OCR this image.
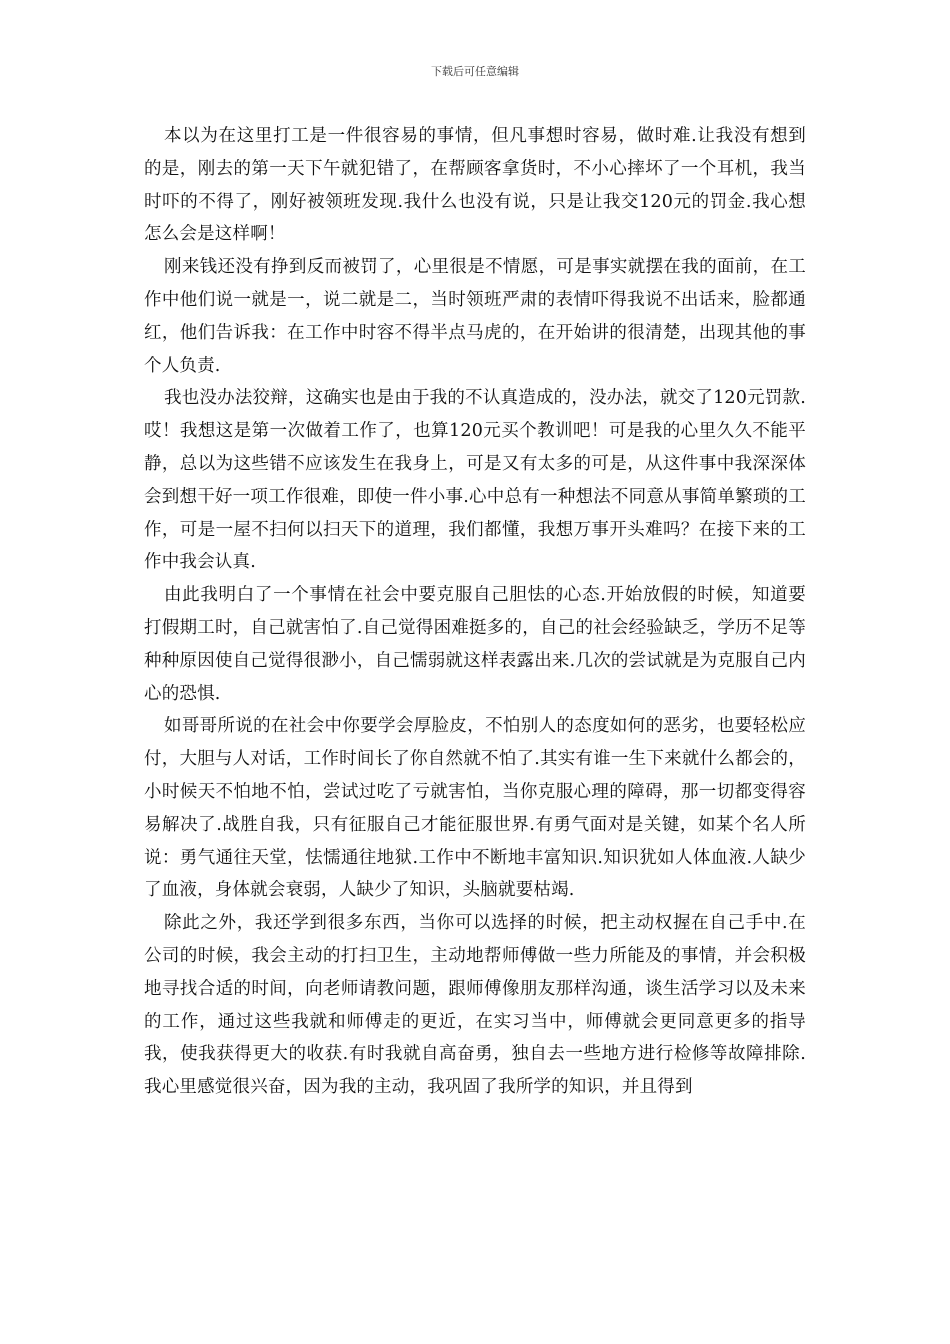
下载后可任意编辑

本以为在这里打工是一件很容易的事情，但凡事想时容易，做时难.让我没有想到的是，刚去的第一天下午就犯错了，在帮顾客拿货时，不小心摔坏了一个耳机，我当时吓的不得了，刚好被领班发现.我什么也没有说，只是让我交120元的罚金.我心想怎么会是这样啊！

刚来钱还没有挣到反而被罚了，心里很是不情愿，可是事实就摆在我的面前，在工作中他们说一就是一，说二就是二，当时领班严肃的表情吓得我说不出话来，脸都通红，他们告诉我：在工作中时容不得半点马虎的，在开始讲的很清楚，出现其他的事个人负责.

我也没办法狡辩，这确实也是由于我的不认真造成的，没办法，就交了120元罚款.哎！我想这是第一次做着工作了，也算120元买个教训吧！可是我的心里久久不能平静，总以为这些错不应该发生在我身上，可是又有太多的可是，从这件事中我深深体会到想干好一项工作很难，即使一件小事.心中总有一种想法不同意从事简单繁琐的工作，可是一屋不扫何以扫天下的道理，我们都懂，我想万事开头难吗？在接下来的工作中我会认真.

由此我明白了一个事情在社会中要克服自己胆怯的心态.开始放假的时候，知道要打假期工时，自己就害怕了.自己觉得困难挺多的，自己的社会经验缺乏，学历不足等种种原因使自己觉得很渺小，自己懦弱就这样表露出来.几次的尝试就是为克服自己内心的恐惧.

如哥哥所说的在社会中你要学会厚脸皮，不怕别人的态度如何的恶劣，也要轻松应付，大胆与人对话，工作时间长了你自然就不怕了.其实有谁一生下来就什么都会的，小时候天不怕地不怕，尝试过吃了亏就害怕，当你克服心理的障碍，那一切都变得容易解决了.战胜自我，只有征服自己才能征服世界.有勇气面对是关键，如某个名人所说：勇气通往天堂，怯懦通往地狱.工作中不断地丰富知识.知识犹如人体血液.人缺少了血液，身体就会衰弱，人缺少了知识，头脑就要枯竭.

除此之外，我还学到很多东西，当你可以选择的时候，把主动权握在自己手中.在公司的时候，我会主动的打扫卫生，主动地帮师傅做一些力所能及的事情，并会积极地寻找合适的时间，向老师请教问题，跟师傅像朋友那样沟通，谈生活学习以及未来的工作，通过这些我就和师傅走的更近，在实习当中，师傅就会更同意更多的指导我，使我获得更大的收获.有时我就自高奋勇，独自去一些地方进行检修等故障排除.我心里感觉很兴奋，因为我的主动，我巩固了我所学的知识，并且得到
